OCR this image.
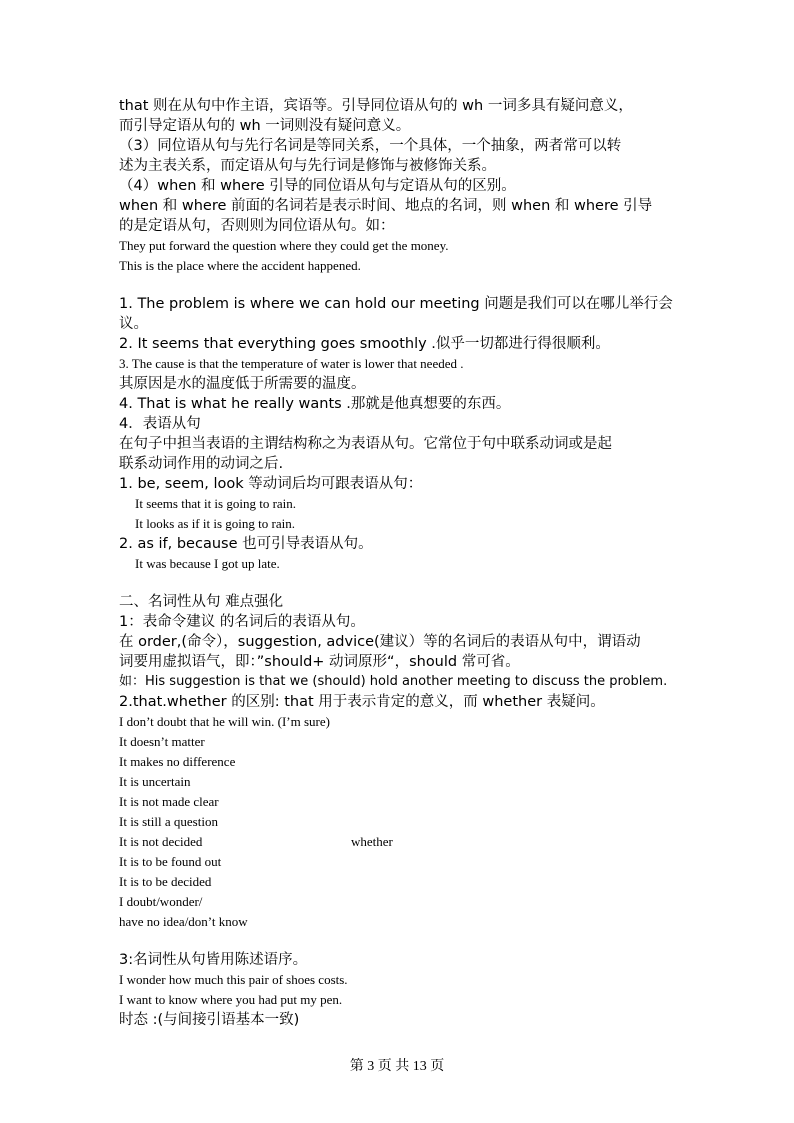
that 则在从句中作主语，宾语等。引导同位语从句的 wh 一词多具有疑问意义，
而引导定语从句的 wh 一词则没有疑问意义。
（3）同位语从句与先行名词是等同关系，一个具体，一个抽象，两者常可以转
述为主表关系，而定语从句与先行词是修饰与被修饰关系。
（4）when 和 where 引导的同位语从句与定语从句的区别。
when 和 where 前面的名词若是表示时间、地点的名词，则 when 和 where 引导
的是定语从句，否则则为同位语从句。如：
They put forward the question where they could get the money.
This is the place where the accident happened.
1. The problem is where we can hold our meeting 问题是我们可以在哪儿举行会
议。
2. It seems that everything goes smoothly .似乎一切都进行得很顺利。
3. The cause is that the temperature of water is lower that needed .
其原因是水的温度低于所需要的温度。
4. That is what he really wants .那就是他真想要的东西。
4．表语从句
在句子中担当表语的主谓结构称之为表语从句。它常位于句中联系动词或是起
联系动词作用的动词之后.
1. be, seem, look 等动词后均可跟表语从句：
It seems that it is going to rain.
It looks as if it is going to rain.
2. as if, because 也可引导表语从句。
It was because I got up late.
二、名词性从句 难点强化
1：表命令建议 的名词后的表语从句。
在 order,(命令），suggestion, advice(建议）等的名词后的表语从句中，谓语动
词要用虚拟语气，即：”should+ 动词原形“，should 常可省。
如：His suggestion is that we (should) hold another meeting to discuss the problem.
2.that.whether 的区别: that 用于表示肯定的意义，而 whether 表疑问。
I don’t doubt that he will win. (I’m sure)
It doesn’t matter
It makes no difference
It is uncertain
It is not made clear
It is still a question
It is not decided	whether
It is to be found out
It is to be decided
I doubt/wonder/
have no idea/don’t know
3:名词性从句皆用陈述语序。
I wonder how much this pair of shoes costs.
I want to know where you had put my pen.
时态 :(与间接引语基本一致)
第 3 页 共 13 页
